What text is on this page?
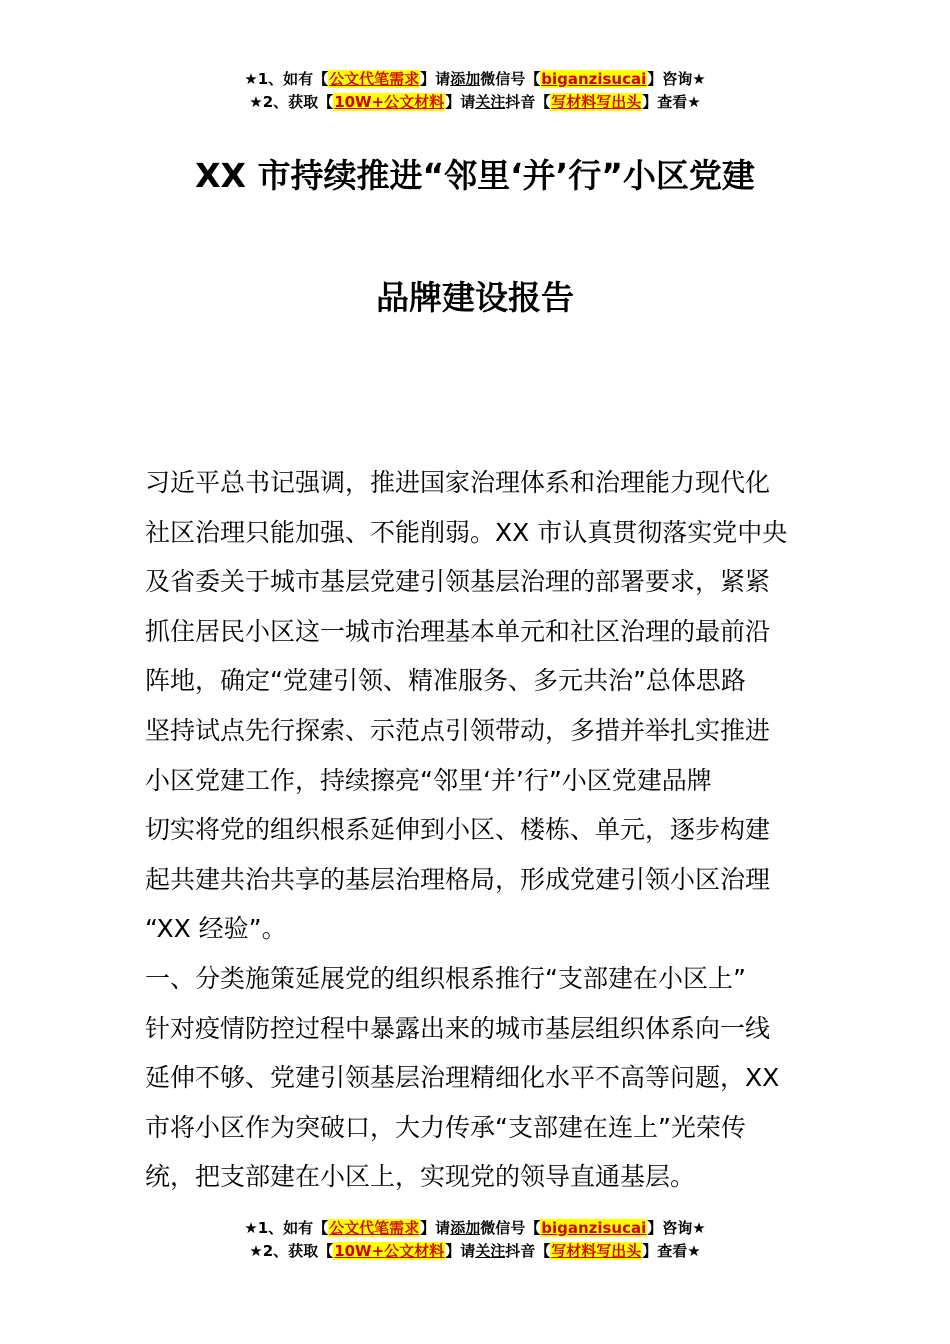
★1、如有【公文代笔需求】请添加微信号【biganzisucai】咨询★
★2、获取【10W+公文材料】请关注抖音【写材料写出头】查看★
XX 市持续推进“邻里‘并’行”小区党建
品牌建设报告
习近平总书记强调，推进国家治理体系和治理能力现代化
社区治理只能加强、不能削弱。XX 市认真贯彻落实党中央
及省委关于城市基层党建引领基层治理的部署要求，紧紧
抓住居民小区这一城市治理基本单元和社区治理的最前沿
阵地，确定“党建引领、精准服务、多元共治”总体思路
坚持试点先行探索、示范点引领带动，多措并举扎实推进
小区党建工作，持续擦亮“邻里‘并’行”小区党建品牌
切实将党的组织根系延伸到小区、楼栋、单元，逐步构建
起共建共治共享的基层治理格局，形成党建引领小区治理
“XX 经验”。
一、分类施策延展党的组织根系推行“支部建在小区上”
针对疫情防控过程中暴露出来的城市基层组织体系向一线
延伸不够、党建引领基层治理精细化水平不高等问题，XX
市将小区作为突破口，大力传承“支部建在连上”光荣传
统，把支部建在小区上，实现党的领导直通基层。
★1、如有【公文代笔需求】请添加微信号【biganzisucai】咨询★
★2、获取【10W+公文材料】请关注抖音【写材料写出头】查看★
